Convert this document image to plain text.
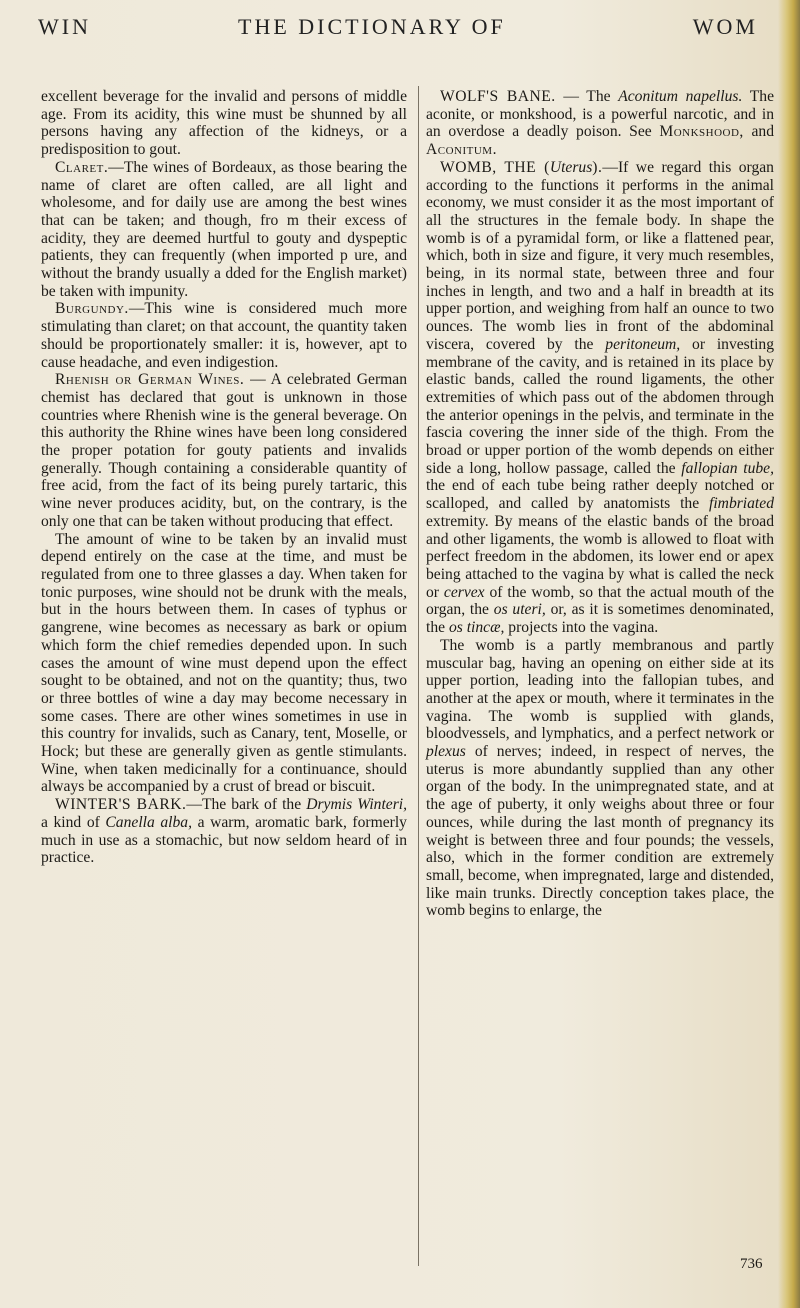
WIN	THE DICTIONARY OF	WOM

excellent beverage for the invalid and persons of middle age. From its acidity, this wine must be shunned by all persons having any affection of the kidneys, or a predisposition to gout.

Claret.—The wines of Bordeaux, as those bearing the name of claret are often called, are all light and wholesome, and for daily use are among the best wines that can be taken; and though, fro m their excess of acidity, they are deemed hurtful to gouty and dyspeptic patients, they can frequently (when imported p ure, and without the brandy usually a dded for the English market) be taken with impunity.

Burgundy.—This wine is considered much more stimulating than claret; on that account, the quantity taken should be proportionately smaller: it is, however, apt to cause headache, and even indigestion.

Rhenish or German Wines. — A celebrated German chemist has declared that gout is unknown in those countries where Rhenish wine is the general beverage. On this authority the Rhine wines have been long considered the proper potation for gouty patients and invalids generally. Though containing a considerable quantity of free acid, from the fact of its being purely tartaric, this wine never produces acidity, but, on the contrary, is the only one that can be taken without producing that effect.

The amount of wine to be taken by an invalid must depend entirely on the case at the time, and must be regulated from one to three glasses a day. When taken for tonic purposes, wine should not be drunk with the meals, but in the hours between them. In cases of typhus or gangrene, wine becomes as necessary as bark or opium which form the chief remedies depended upon. In such cases the amount of wine must depend upon the effect sought to be obtained, and not on the quantity; thus, two or three bottles of wine a day may become necessary in some cases. There are other wines sometimes in use in this country for invalids, such as Canary, tent, Moselle, or Hock; but these are generally given as gentle stimulants. Wine, when taken medicinally for a continuance, should always be accompanied by a crust of bread or biscuit.

WINTER'S BARK.—The bark of the Drymis Winteri, a kind of Canella alba, a warm, aromatic bark, formerly much in use as a stomachic, but now seldom heard of in practice.

WOLF'S BANE. — The Aconitum napellus. The aconite, or monkshood, is a powerful narcotic, and in an overdose a deadly poison. See Monkshood, and Aconitum.

WOMB, THE (Uterus).—If we regard this organ according to the functions it performs in the animal economy, we must consider it as the most important of all the structures in the female body. In shape the womb is of a pyramidal form, or like a flattened pear, which, both in size and figure, it very much resembles, being, in its normal state, between three and four inches in length, and two and a half in breadth at its upper portion, and weighing from half an ounce to two ounces. The womb lies in front of the abdominal viscera, covered by the peritoneum, or investing membrane of the cavity, and is retained in its place by elastic bands, called the round ligaments, the other extremities of which pass out of the abdomen through the anterior openings in the pelvis, and terminate in the fascia covering the inner side of the thigh. From the broad or upper portion of the womb depends on either side a long, hollow passage, called the fallopian tube, the end of each tube being rather deeply notched or scalloped, and called by anatomists the fimbriated extremity. By means of the elastic bands of the broad and other ligaments, the womb is allowed to float with perfect freedom in the abdomen, its lower end or apex being attached to the vagina by what is called the neck or cervex of the womb, so that the actual mouth of the organ, the os uteri, or, as it is sometimes denominated, the os tincæ, projects into the vagina.

The womb is a partly membranous and partly muscular bag, having an opening on either side at its upper portion, leading into the fallopian tubes, and another at the apex or mouth, where it terminates in the vagina. The womb is supplied with glands, bloodvessels, and lymphatics, and a perfect network or plexus of nerves; indeed, in respect of nerves, the uterus is more abundantly supplied than any other organ of the body. In the unimpregnated state, and at the age of puberty, it only weighs about three or four ounces, while during the last month of pregnancy its weight is between three and four pounds; the vessels, also, which in the former condition are extremely small, become, when impregnated, large and distended, like main trunks. Directly conception takes place, the womb begins to enlarge, the

736
